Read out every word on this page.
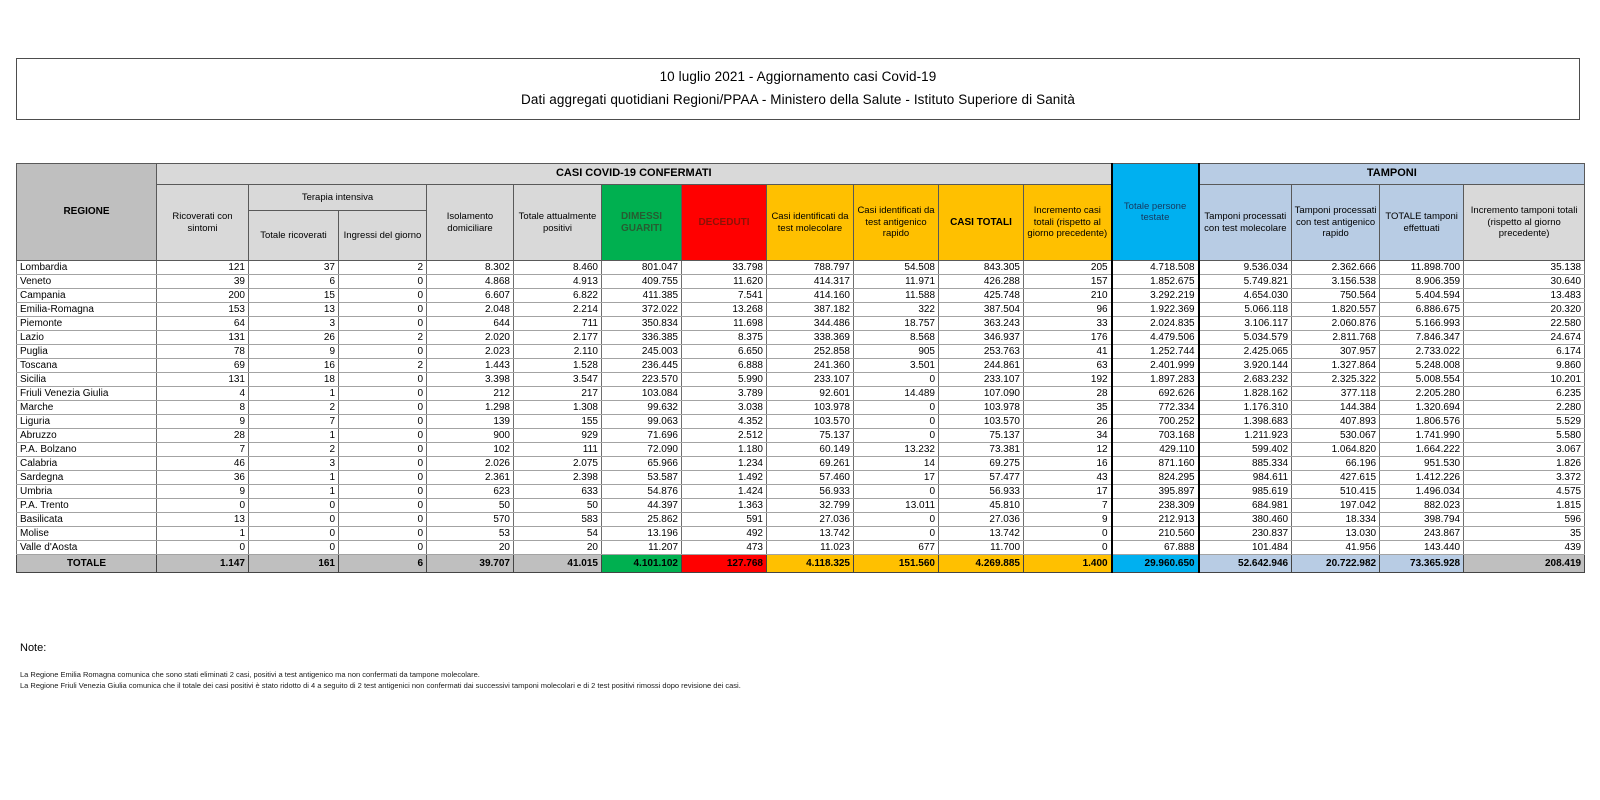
10 luglio 2021 - Aggiornamento casi Covid-19
Dati aggregati quotidiani Regioni/PPAA - Ministero della Salute - Istituto Superiore di Sanità
REGIONE	CASI COVID-19 CONFERMATI											Totale persone testate	TAMPONI			
	Ricoverati con sintomi	Terapia intensiva		Isolamento domiciliare	Totale attualmente positivi	DIMESSI GUARITI	DECEDUTI	Casi identificati da test molecolare	Casi identificati da test antigenico rapido	CASI TOTALI	Incremento casi totali (rispetto al giorno precedente)		Tamponi processati con test molecolare	Tamponi processati con test antigenico rapido	TOTALE tamponi effettuati	Incremento tamponi totali (rispetto al giorno precedente)
		Totale ricoverati	Ingressi del giorno													
Lombardia	121	37	2	8.302	8.460	801.047	33.798	788.797	54.508	843.305	205	4.718.508	9.536.034	2.362.666	11.898.700	35.138
Veneto	39	6	0	4.868	4.913	409.755	11.620	414.317	11.971	426.288	157	1.852.675	5.749.821	3.156.538	8.906.359	30.640
Campania	200	15	0	6.607	6.822	411.385	7.541	414.160	11.588	425.748	210	3.292.219	4.654.030	750.564	5.404.594	13.483
Emilia-Romagna	153	13	0	2.048	2.214	372.022	13.268	387.182	322	387.504	96	1.922.369	5.066.118	1.820.557	6.886.675	20.320
Piemonte	64	3	0	644	711	350.834	11.698	344.486	18.757	363.243	33	2.024.835	3.106.117	2.060.876	5.166.993	22.580
Lazio	131	26	2	2.020	2.177	336.385	8.375	338.369	8.568	346.937	176	4.479.506	5.034.579	2.811.768	7.846.347	24.674
Puglia	78	9	0	2.023	2.110	245.003	6.650	252.858	905	253.763	41	1.252.744	2.425.065	307.957	2.733.022	6.174
Toscana	69	16	2	1.443	1.528	236.445	6.888	241.360	3.501	244.861	63	2.401.999	3.920.144	1.327.864	5.248.008	9.860
Sicilia	131	18	0	3.398	3.547	223.570	5.990	233.107	0	233.107	192	1.897.283	2.683.232	2.325.322	5.008.554	10.201
Friuli Venezia Giulia	4	1	0	212	217	103.084	3.789	92.601	14.489	107.090	28	692.626	1.828.162	377.118	2.205.280	6.235
Marche	8	2	0	1.298	1.308	99.632	3.038	103.978	0	103.978	35	772.334	1.176.310	144.384	1.320.694	2.280
Liguria	9	7	0	139	155	99.063	4.352	103.570	0	103.570	26	700.252	1.398.683	407.893	1.806.576	5.529
Abruzzo	28	1	0	900	929	71.696	2.512	75.137	0	75.137	34	703.168	1.211.923	530.067	1.741.990	5.580
P.A. Bolzano	7	2	0	102	111	72.090	1.180	60.149	13.232	73.381	12	429.110	599.402	1.064.820	1.664.222	3.067
Calabria	46	3	0	2.026	2.075	65.966	1.234	69.261	14	69.275	16	871.160	885.334	66.196	951.530	1.826
Sardegna	36	1	0	2.361	2.398	53.587	1.492	57.460	17	57.477	43	824.295	984.611	427.615	1.412.226	3.372
Umbria	9	1	0	623	633	54.876	1.424	56.933	0	56.933	17	395.897	985.619	510.415	1.496.034	4.575
P.A. Trento	0	0	0	50	50	44.397	1.363	32.799	13.011	45.810	7	238.309	684.981	197.042	882.023	1.815
Basilicata	13	0	0	570	583	25.862	591	27.036	0	27.036	9	212.913	380.460	18.334	398.794	596
Molise	1	0	0	53	54	13.196	492	13.742	0	13.742	0	210.560	230.837	13.030	243.867	35
Valle d'Aosta	0	0	0	20	20	11.207	473	11.023	677	11.700	0	67.888	101.484	41.956	143.440	439
TOTALE	1.147	161	6	39.707	41.015	4.101.102	127.768	4.118.325	151.560	4.269.885	1.400	29.960.650	52.642.946	20.722.982	73.365.928	208.419
Note:
La Regione Emilia Romagna comunica che sono stati eliminati 2 casi, positivi a test antigenico ma non confermati da tampone molecolare.
La Regione Friuli Venezia Giulia comunica che il totale dei casi positivi è stato ridotto di 4 a seguito di 2 test antigenici non confermati dai successivi tamponi molecolari e di 2 test positivi rimossi dopo revisione dei casi.
